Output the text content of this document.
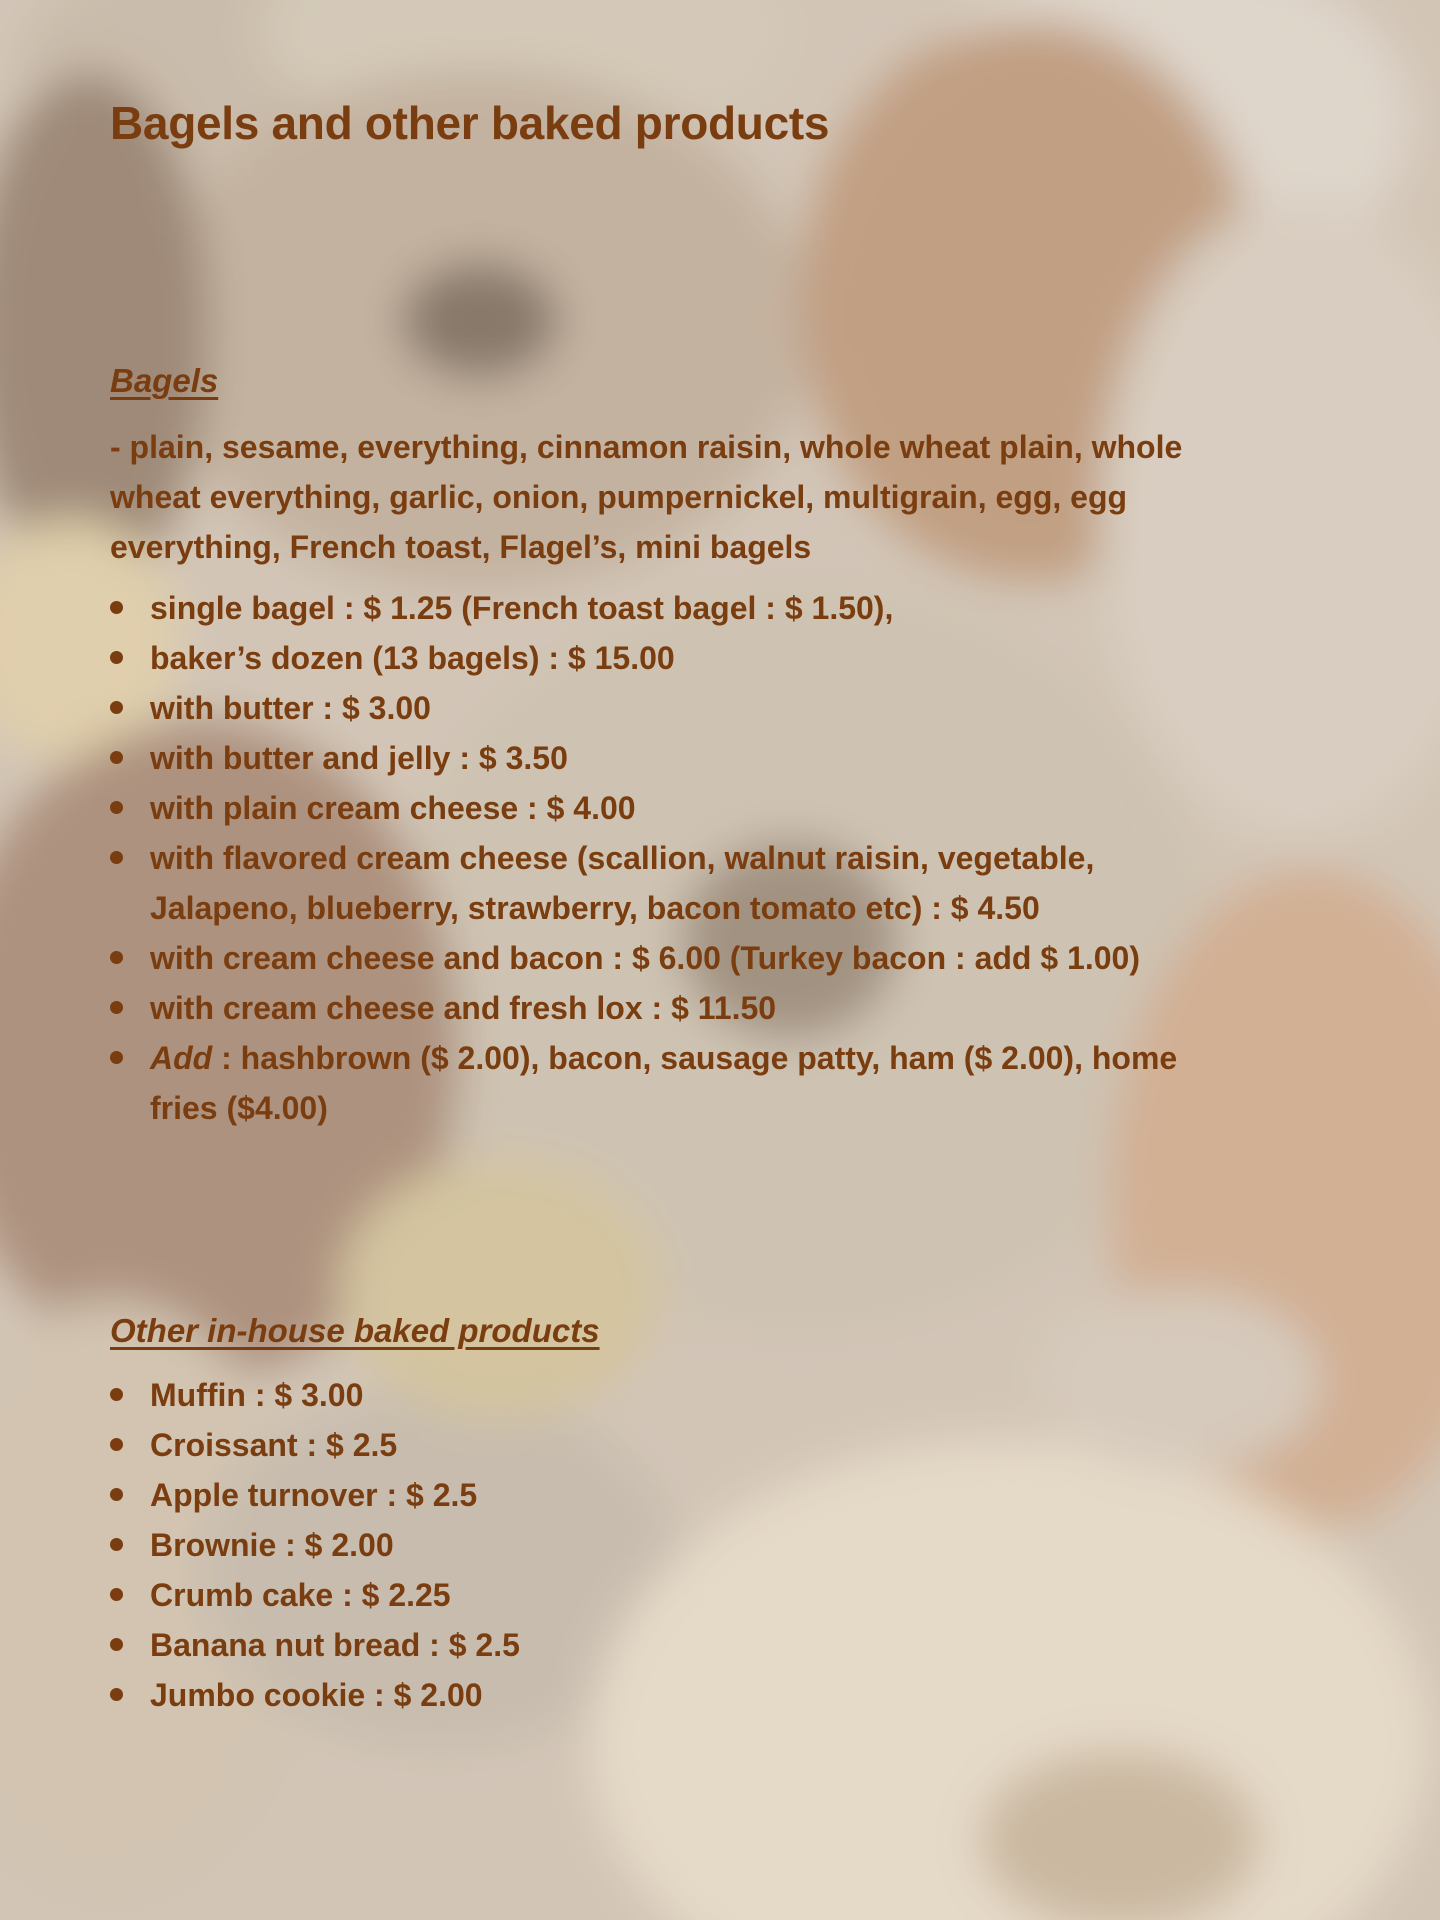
Bagels and other baked products
Bagels

- plain, sesame, everything, cinnamon raisin, whole wheat plain, whole wheat everything, garlic, onion, pumpernickel, multigrain, egg, egg everything, French toast, Flagel’s, mini bagels

single bagel : $ 1.25 (French toast bagel : $ 1.50),
baker’s dozen (13 bagels) : $ 15.00
with butter : $ 3.00
with butter and jelly : $ 3.50
with plain cream cheese : $ 4.00
with flavored cream cheese (scallion, walnut raisin, vegetable, Jalapeno, blueberry, strawberry, bacon tomato etc) : $ 4.50
with cream cheese and bacon : $ 6.00 (Turkey bacon : add $ 1.00)
with cream cheese and fresh lox : $ 11.50
Add : hashbrown ($ 2.00), bacon, sausage patty, ham ($ 2.00), home fries ($4.00)
Other in-house baked products
Muffin : $ 3.00
Croissant : $ 2.5
Apple turnover : $ 2.5
Brownie : $ 2.00
Crumb cake : $ 2.25
Banana nut bread : $ 2.5
Jumbo cookie : $ 2.00
